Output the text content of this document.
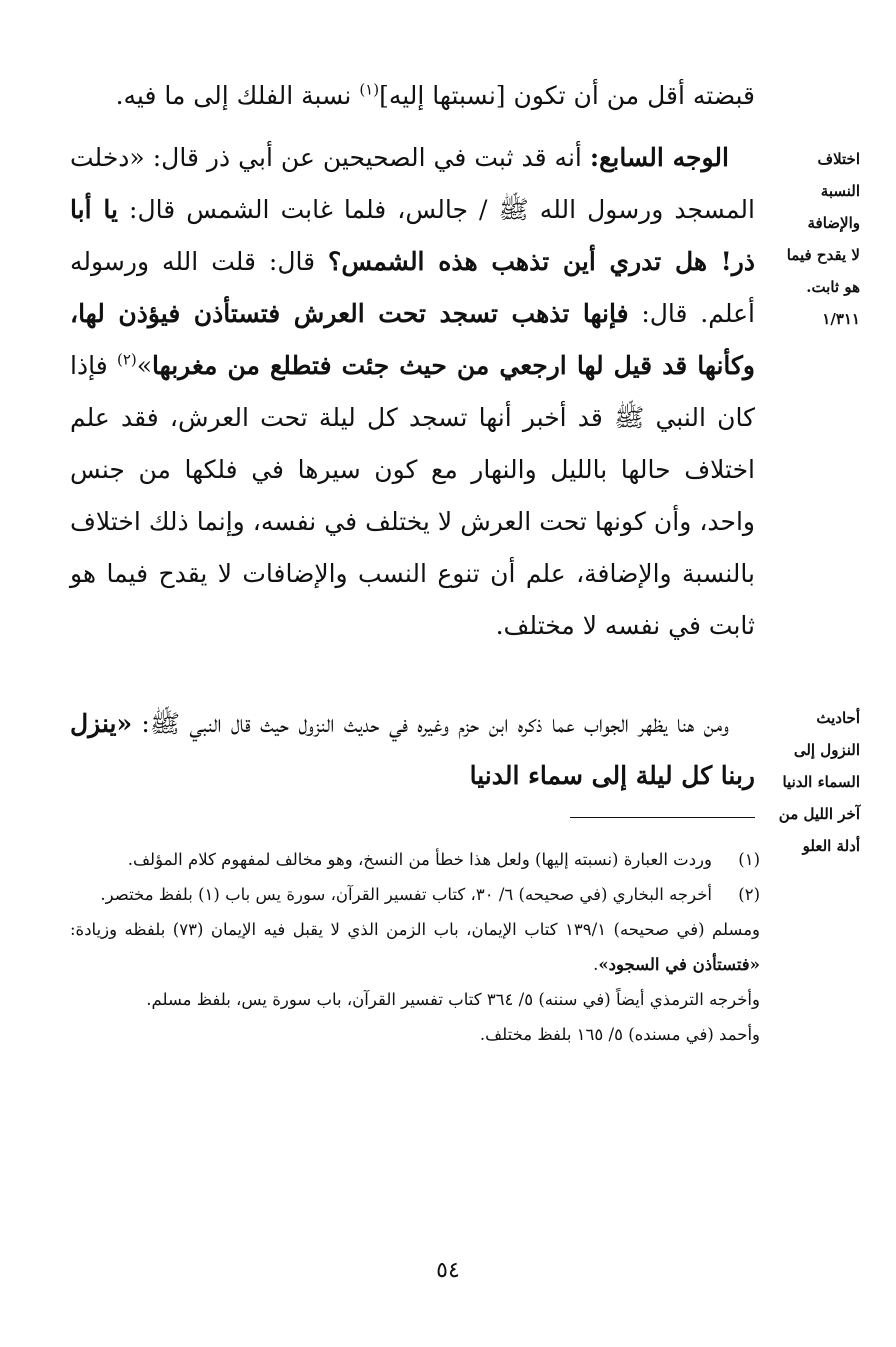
قبضته أقل من أن تكون [نسبتها إليه]$^{(١)}$ نسبة الفلك إلى ما فيه.

الوجه السابع: أنه قد ثبت في الصحيحين عن أبي ذر قال: «دخلت المسجد ورسول الله ﷺ / جالس، فلما غابت الشمس قال: يا أبا ذر! هل تدري أين تذهب هذه الشمس؟ قال: قلت الله ورسوله أعلم. قال: فإنها تذهب تسجد تحت العرش فتستأذن فيؤذن لها، وكأنها قد قيل لها ارجعي من حيث جئت فتطلع من مغربها»$^{(٢)}$ فإذا كان النبي ﷺ قد أخبر أنها تسجد كل ليلة تحت العرش، فقد علم اختلاف حالها بالليل والنهار مع كون سيرها في فلكها من جنس واحد، وأن كونها تحت العرش لا يختلف في نفسه، وإنما ذلك اختلاف بالنسبة والإضافة، علم أن تنوع النسب والإضافات لا يقدح فيما هو ثابت في نفسه لا مختلف.

ومن هنا يظهر الجواب عما ذكره ابن حزم وغيره في حديث النزول حيث قال النبي ﷺ: «ينزل ربنا كل ليلة إلى سماء الدنيا

اختلاف
النسبة
والإضافة
لا يقدح فيما
هو ثابت.
١/٣١١
أحاديث
النزول إلى
السماء الدنيا
آخر الليل من
أدلة العلو
(١)
وردت العبارة (نسبته إليها) ولعل هذا خطأ من النسخ، وهو مخالف لمفهوم كلام المؤلف.
(٢)
أخرجه البخاري (في صحيحه) ٦/ ٣٠، كتاب تفسير القرآن، سورة يس باب (١) بلفظ مختصر.
ومسلم (في صحيحه) ١٣٩/١ كتاب الإيمان، باب الزمن الذي لا يقبل فيه الإيمان (٧٣) بلفظه وزيادة: «فتستأذن في السجود».
وأخرجه الترمذي أيضاً (في سننه) ٥/ ٣٦٤ كتاب تفسير القرآن، باب سورة يس، بلفظ مسلم.
وأحمد (في مسنده) ٥/ ١٦٥ بلفظ مختلف.
٥٤
